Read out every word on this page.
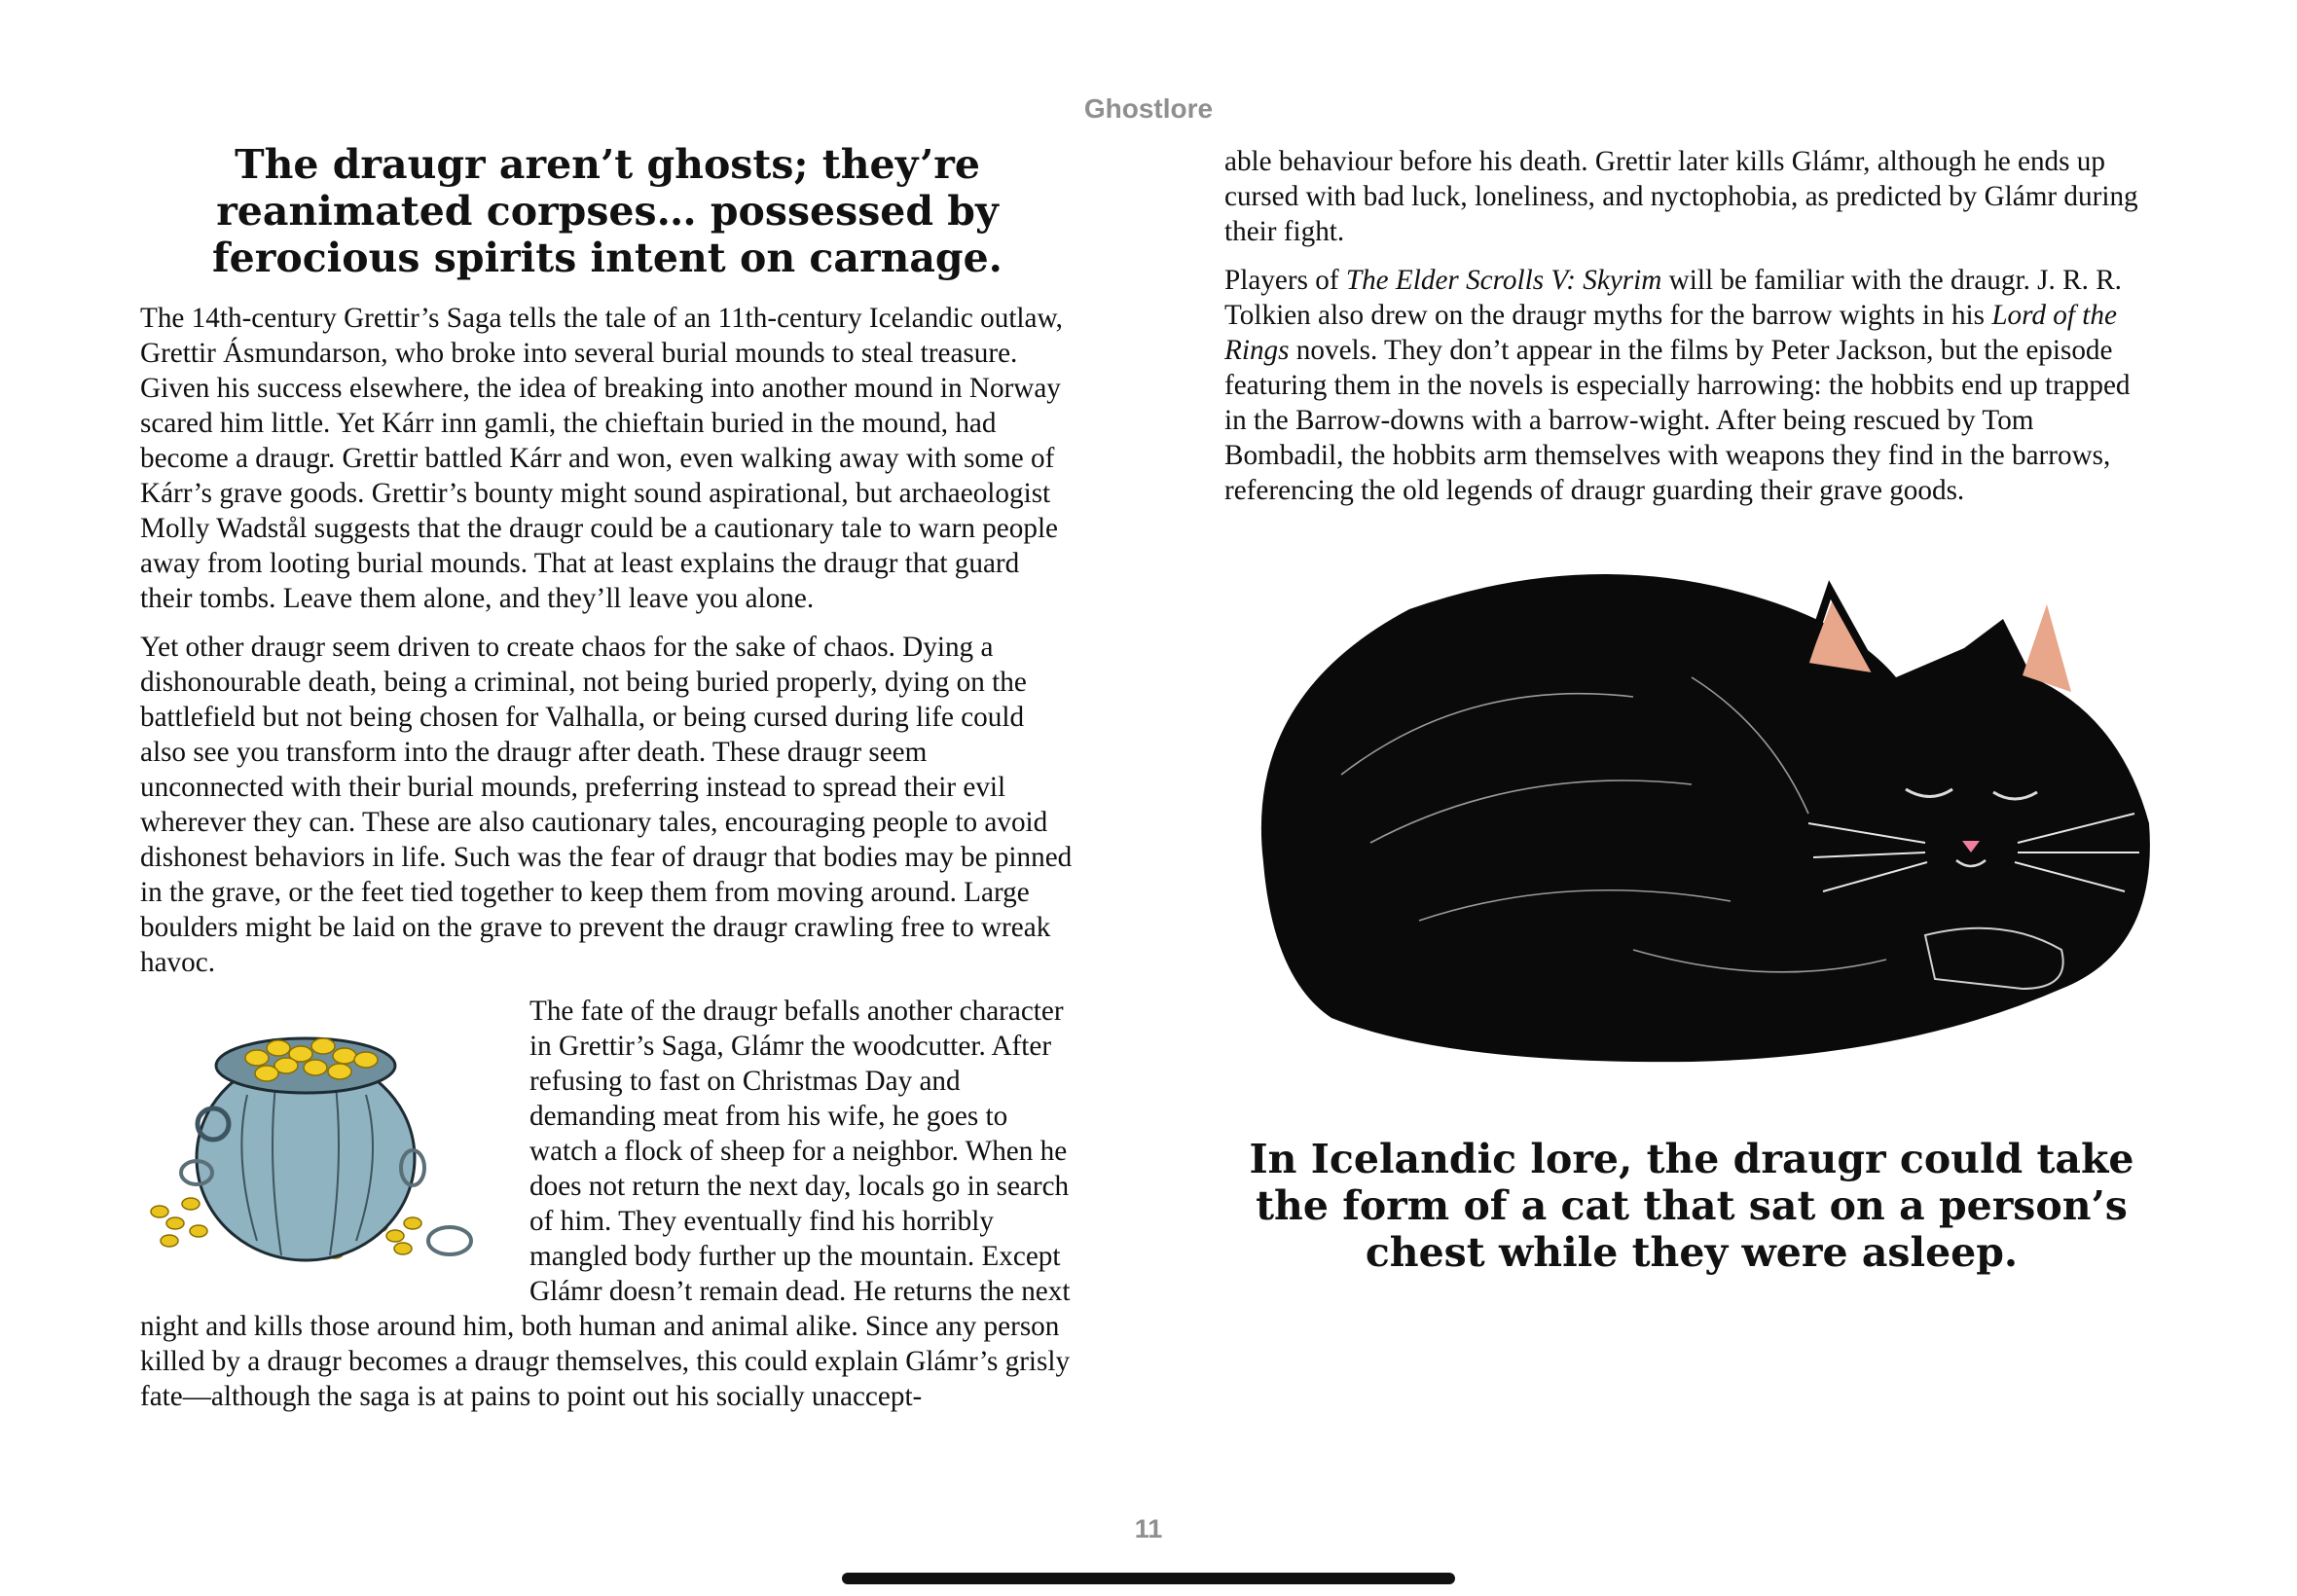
Ghostlore
The draugr aren’t ghosts; they’re reanimated corpses… possessed by ferocious spirits intent on carnage.

The 14th-century Grettir’s Saga tells the tale of an 11th-century Icelandic outlaw, Grettir Ásmundarson, who broke into several burial mounds to steal treasure. Given his success elsewhere, the idea of breaking into another mound in Norway scared him little. Yet Kárr inn gamli, the chieftain buried in the mound, had become a draugr. Grettir battled Kárr and won, even walking away with some of Kárr’s grave goods. Grettir’s bounty might sound aspirational, but archaeologist Molly Wadstål suggests that the draugr could be a cautionary tale to warn people away from looting burial mounds. That at least explains the draugr that guard their tombs. Leave them alone, and they’ll leave you alone.

Yet other draugr seem driven to create chaos for the sake of chaos. Dying a dishonourable death, being a criminal, not being buried properly, dying on the battlefield but not being chosen for Valhalla, or being cursed during life could also see you transform into the draugr after death. These draugr seem unconnected with their burial mounds, preferring instead to spread their evil wherever they can. These are also cautionary tales, encouraging people to avoid dishonest behaviors in life. Such was the fear of draugr that bodies may be pinned in the grave, or the feet tied together to keep them from moving around. Large boulders might be laid on the grave to prevent the draugr crawling free to wreak havoc.

The fate of the draugr befalls another character in Grettir’s Saga, Glámr the woodcutter. After refusing to fast on Christmas Day and demanding meat from his wife, he goes to watch a flock of sheep for a neighbor. When he does not return the next day, locals go in search of him. They eventually find his horribly mangled body further up the mountain. Except Glámr doesn’t remain dead. He returns the next night and kills those around him, both human and animal alike. Since any person killed by a draugr becomes a draugr themselves, this could explain Glámr’s grisly fate—although the saga is at pains to point out his socially unaccept-

able behaviour before his death. Grettir later kills Glámr, although he ends up cursed with bad luck, loneliness, and nyctophobia, as predicted by Glámr during their fight.

Players of The Elder Scrolls V: Skyrim will be familiar with the draugr. J. R. R. Tolkien also drew on the draugr myths for the barrow wights in his Lord of the Rings novels. They don’t appear in the films by Peter Jackson, but the episode featuring them in the novels is especially harrowing: the hobbits end up trapped in the Barrow-downs with a barrow-wight. After being rescued by Tom Bombadil, the hobbits arm themselves with weapons they find in the barrows, referencing the old legends of draugr guarding their grave goods.

In Icelandic lore, the draugr could take the form of a cat that sat on a person’s chest while they were asleep.
11
